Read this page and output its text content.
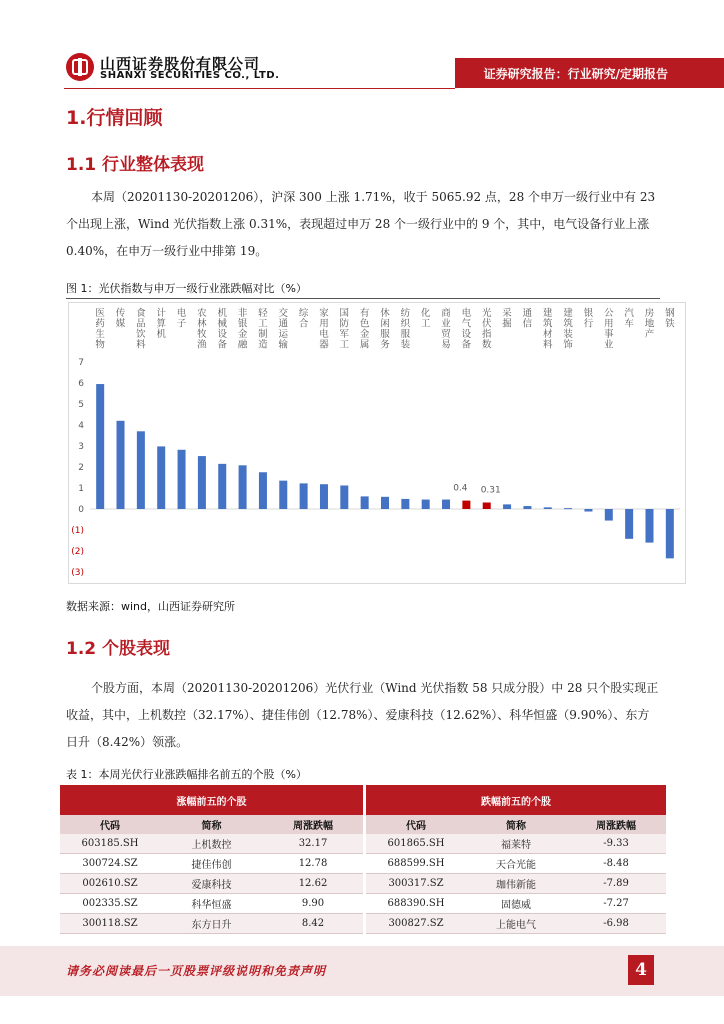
山西证券股份有限公司
SHANXI SECURITIES CO., LTD.	证券研究报告：行业研究/定期报告
1.行情回顾
1.1 行业整体表现

本周（20201130-20201206），沪深 300 上涨 1.71%，收于 5065.92 点，28 个申万一级行业中有 23 个出现上涨，Wind 光伏指数上涨 0.31%，表现超过申万 28 个一级行业中的 9 个，其中，电气设备行业上涨 0.40%，在申万一级行业中排第 19。

图 1：光伏指数与申万一级行业涨跌幅对比（%）
7
6
5
4
3
2
1
0
(1)
(2)
(3)
医药生物
传媒
食品饮料
计算机
电子
农林牧渔
机械设备
非银金融
轻工制造
交通运输
综合
家用电器
国防军工
有色金属
休闲服务
纺织服装
化工
商业贸易
电气设备
光伏指数
采掘
通信
建筑材料
建筑装饰
银行
公用事业
汽车
房地产
钢铁
0.4 0.31
数据来源：wind，山西证券研究所
1.2 个股表现

个股方面，本周（20201130-20201206）光伏行业（Wind 光伏指数 58 只成分股）中 28 只个股实现正收益，其中，上机数控（32.17%）、捷佳伟创（12.78%）、爱康科技（12.62%）、科华恒盛（9.90%）、东方日升（8.42%）领涨。

表 1：本周光伏行业涨跌幅排名前五的个股（%）
涨幅前五的个股				跌幅前五的个股		
代码	简称	周涨跌幅		代码	简称	周涨跌幅
603185.SH	上机数控	32.17		601865.SH	福莱特	-9.33
300724.SZ	捷佳伟创	12.78		688599.SH	天合光能	-8.48
002610.SZ	爱康科技	12.62		300317.SZ	珈伟新能	-7.89
002335.SZ	科华恒盛	9.90		688390.SH	固德威	-7.27
300118.SZ	东方日升	8.42		300827.SZ	上能电气	-6.98
请务必阅读最后一页股票评级说明和免责声明	4
